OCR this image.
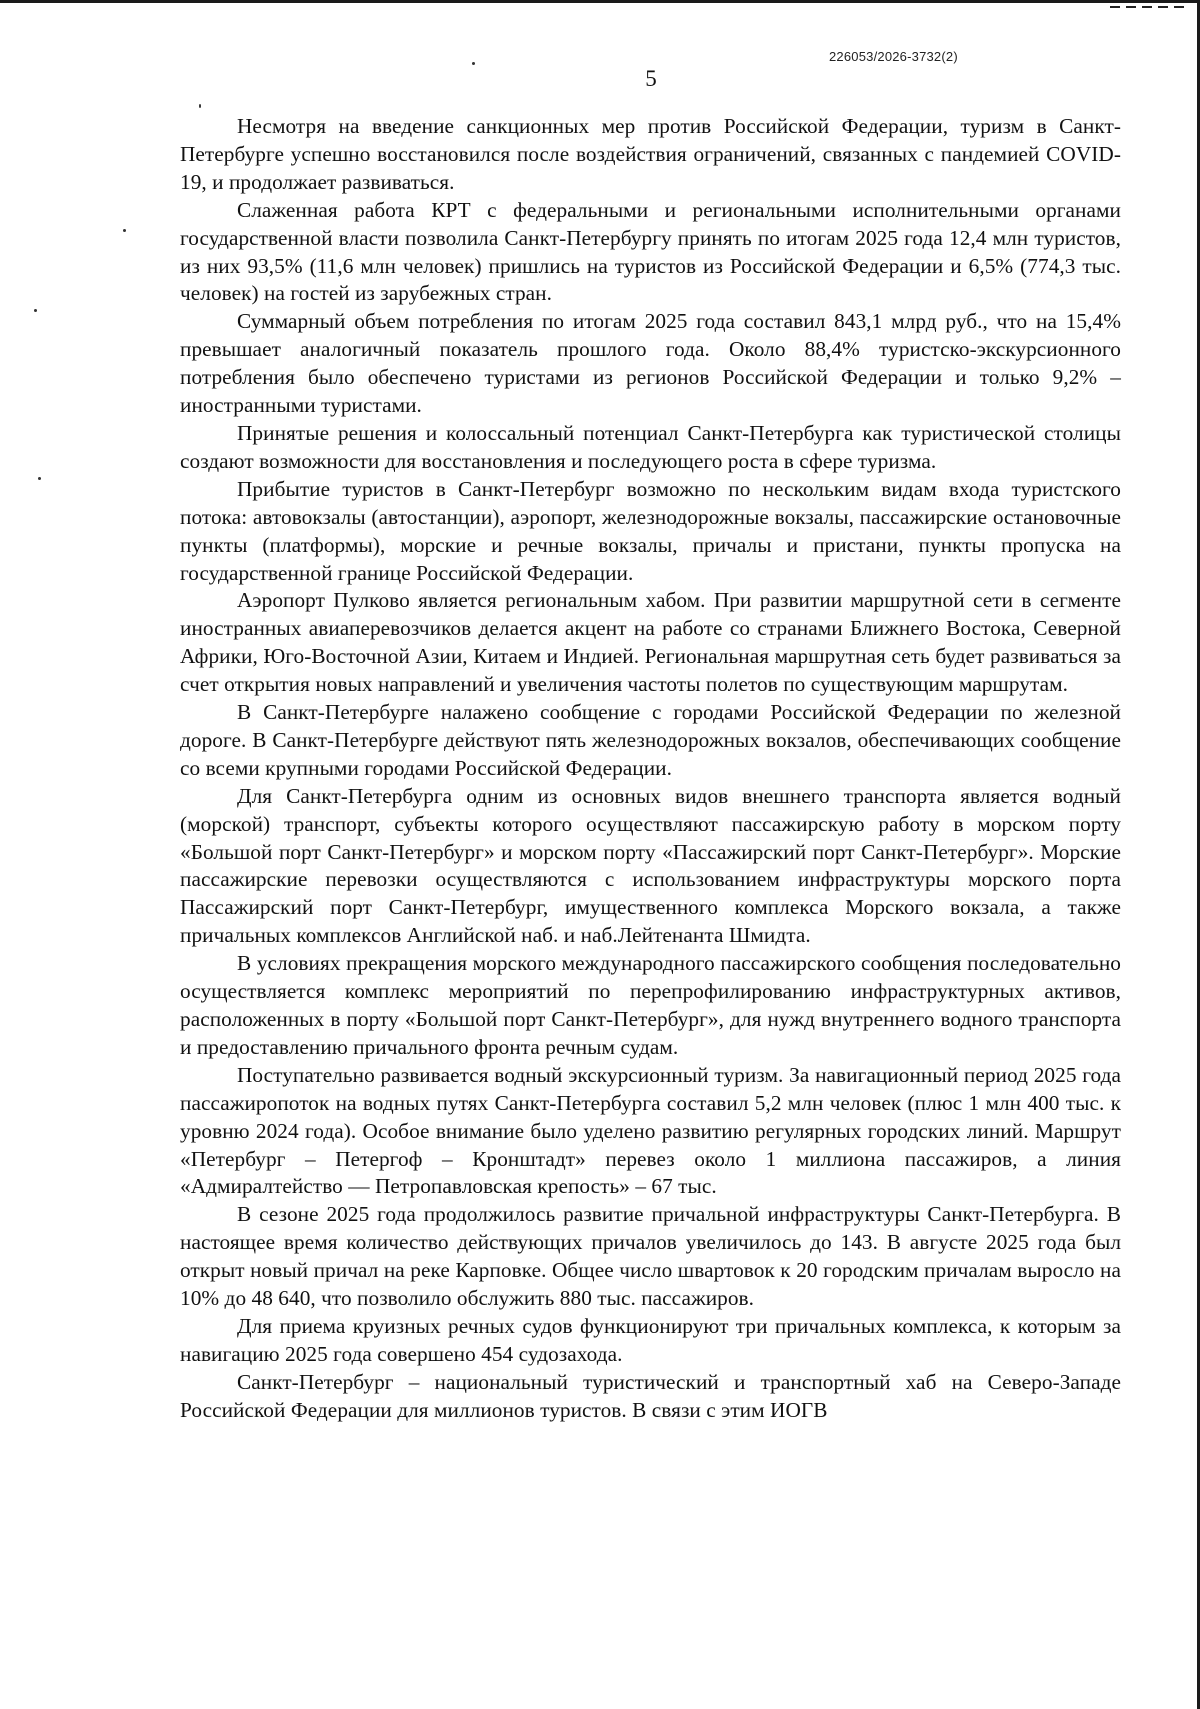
226053/2026-3732(2)
5

Несмотря на введение санкционных мер против Российской Федерации, туризм в Санкт-Петербурге успешно восстановился после воздействия ограничений, связанных с пандемией COVID-19, и продолжает развиваться.

Слаженная работа КРТ с федеральными и региональными исполнительными органами государственной власти позволила Санкт-Петербургу принять по итогам 2025 года 12,4 млн туристов, из них 93,5% (11,6 млн человек) пришлись на туристов из Российской Федерации и 6,5% (774,3 тыс. человек) на гостей из зарубежных стран.

Суммарный объем потребления по итогам 2025 года составил 843,1 млрд руб., что на 15,4% превышает аналогичный показатель прошлого года. Около 88,4% туристско-экскурсионного потребления было обеспечено туристами из регионов Российской Федерации и только 9,2% – иностранными туристами.

Принятые решения и колоссальный потенциал Санкт-Петербурга как туристической столицы создают возможности для восстановления и последующего роста в сфере туризма.

Прибытие туристов в Санкт-Петербург возможно по нескольким видам входа туристского потока: автовокзалы (автостанции), аэропорт, железнодорожные вокзалы, пассажирские остановочные пункты (платформы), морские и речные вокзалы, причалы и пристани, пункты пропуска на государственной границе Российской Федерации.

Аэропорт Пулково является региональным хабом. При развитии маршрутной сети в сегменте иностранных авиаперевозчиков делается акцент на работе со странами Ближнего Востока, Северной Африки, Юго-Восточной Азии, Китаем и Индией. Региональная маршрутная сеть будет развиваться за счет открытия новых направлений и увеличения частоты полетов по существующим маршрутам.

В Санкт-Петербурге налажено сообщение с городами Российской Федерации по железной дороге. В Санкт-Петербурге действуют пять железнодорожных вокзалов, обеспечивающих сообщение со всеми крупными городами Российской Федерации.

Для Санкт-Петербурга одним из основных видов внешнего транспорта является водный (морской) транспорт, субъекты которого осуществляют пассажирскую работу в морском порту «Большой порт Санкт-Петербург» и морском порту «Пассажирский порт Санкт-Петербург». Морские пассажирские перевозки осуществляются с использованием инфраструктуры морского порта Пассажирский порт Санкт-Петербург, имущественного комплекса Морского вокзала, а также причальных комплексов Английской наб. и наб.Лейтенанта Шмидта.

В условиях прекращения морского международного пассажирского сообщения последовательно осуществляется комплекс мероприятий по перепрофилированию инфраструктурных активов, расположенных в порту «Большой порт Санкт-Петербург», для нужд внутреннего водного транспорта и предоставлению причального фронта речным судам.

Поступательно развивается водный экскурсионный туризм. За навигационный период 2025 года пассажиропоток на водных путях Санкт-Петербурга составил 5,2 млн человек (плюс 1 млн 400 тыс. к уровню 2024 года). Особое внимание было уделено развитию регулярных городских линий. Маршрут «Петербург – Петергоф – Кронштадт» перевез около 1 миллиона пассажиров, а линия «Адмиралтейство — Петропавловская крепость» – 67 тыс.

В сезоне 2025 года продолжилось развитие причальной инфраструктуры Санкт-Петербурга. В настоящее время количество действующих причалов увеличилось до 143. В августе 2025 года был открыт новый причал на реке Карповке. Общее число швартовок к 20 городским причалам выросло на 10% до 48 640, что позволило обслужить 880 тыс. пассажиров.

Для приема круизных речных судов функционируют три причальных комплекса, к которым за навигацию 2025 года совершено 454 судозахода.

Санкт-Петербург – национальный туристический и транспортный хаб на Северо-Западе Российской Федерации для миллионов туристов. В связи с этим ИОГВ
